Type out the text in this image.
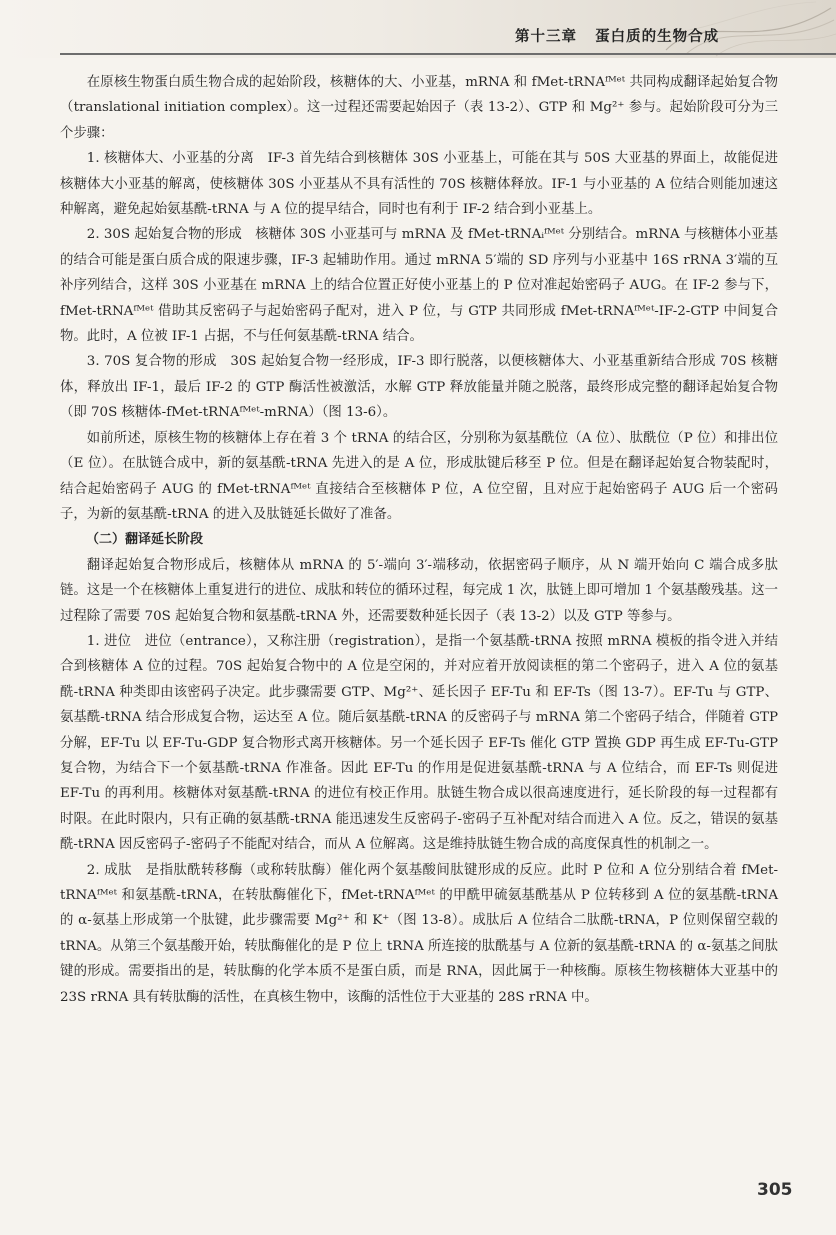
第十三章 蛋白质的生物合成

在原核生物蛋白质生物合成的起始阶段，核糖体的大、小亚基，mRNA 和 fMet-tRNAᶠᴹᵉᵗ 共同构成翻译起始复合物（translational initiation complex）。这一过程还需要起始因子（表 13-2）、GTP 和 Mg²⁺ 参与。起始阶段可分为三个步骤：

1. 核糖体大、小亚基的分离　IF-3 首先结合到核糖体 30S 小亚基上，可能在其与 50S 大亚基的界面上，故能促进核糖体大小亚基的解离，使核糖体 30S 小亚基从不具有活性的 70S 核糖体释放。IF-1 与小亚基的 A 位结合则能加速这种解离，避免起始氨基酰-tRNA 与 A 位的提早结合，同时也有利于 IF-2 结合到小亚基上。

2. 30S 起始复合物的形成　核糖体 30S 小亚基可与 mRNA 及 fMet-tRNAᵢᶠᴹᵉᵗ 分别结合。mRNA 与核糖体小亚基的结合可能是蛋白质合成的限速步骤，IF-3 起辅助作用。通过 mRNA 5′端的 SD 序列与小亚基中 16S rRNA 3′端的互补序列结合，这样 30S 小亚基在 mRNA 上的结合位置正好使小亚基上的 P 位对准起始密码子 AUG。在 IF-2 参与下，fMet-tRNAᶠᴹᵉᵗ 借助其反密码子与起始密码子配对，进入 P 位，与 GTP 共同形成 fMet-tRNAᶠᴹᵉᵗ-IF-2-GTP 中间复合物。此时，A 位被 IF-1 占据，不与任何氨基酰-tRNA 结合。

3. 70S 复合物的形成　30S 起始复合物一经形成，IF-3 即行脱落，以便核糖体大、小亚基重新结合形成 70S 核糖体，释放出 IF-1，最后 IF-2 的 GTP 酶活性被激活，水解 GTP 释放能量并随之脱落，最终形成完整的翻译起始复合物（即 70S 核糖体-fMet-tRNAᶠᴹᵉᵗ-mRNA）（图 13-6）。

如前所述，原核生物的核糖体上存在着 3 个 tRNA 的结合区，分别称为氨基酰位（A 位）、肽酰位（P 位）和排出位（E 位）。在肽链合成中，新的氨基酰-tRNA 先进入的是 A 位，形成肽键后移至 P 位。但是在翻译起始复合物装配时，结合起始密码子 AUG 的 fMet-tRNAᶠᴹᵉᵗ 直接结合至核糖体 P 位，A 位空留，且对应于起始密码子 AUG 后一个密码子，为新的氨基酰-tRNA 的进入及肽链延长做好了准备。

（二）翻译延长阶段

翻译起始复合物形成后，核糖体从 mRNA 的 5′-端向 3′-端移动，依据密码子顺序，从 N 端开始向 C 端合成多肽链。这是一个在核糖体上重复进行的进位、成肽和转位的循环过程，每完成 1 次，肽链上即可增加 1 个氨基酸残基。这一过程除了需要 70S 起始复合物和氨基酰-tRNA 外，还需要数种延长因子（表 13-2）以及 GTP 等参与。

1. 进位　进位（entrance），又称注册（registration），是指一个氨基酰-tRNA 按照 mRNA 模板的指令进入并结合到核糖体 A 位的过程。70S 起始复合物中的 A 位是空闲的，并对应着开放阅读框的第二个密码子，进入 A 位的氨基酰-tRNA 种类即由该密码子决定。此步骤需要 GTP、Mg²⁺、延长因子 EF-Tu 和 EF-Ts（图 13-7）。EF-Tu 与 GTP、氨基酰-tRNA 结合形成复合物，运达至 A 位。随后氨基酰-tRNA 的反密码子与 mRNA 第二个密码子结合，伴随着 GTP 分解，EF-Tu 以 EF-Tu-GDP 复合物形式离开核糖体。另一个延长因子 EF-Ts 催化 GTP 置换 GDP 再生成 EF-Tu-GTP 复合物，为结合下一个氨基酰-tRNA 作准备。因此 EF-Tu 的作用是促进氨基酰-tRNA 与 A 位结合，而 EF-Ts 则促进 EF-Tu 的再利用。核糖体对氨基酰-tRNA 的进位有校正作用。肽链生物合成以很高速度进行，延长阶段的每一过程都有时限。在此时限内，只有正确的氨基酰-tRNA 能迅速发生反密码子-密码子互补配对结合而进入 A 位。反之，错误的氨基酰-tRNA 因反密码子-密码子不能配对结合，而从 A 位解离。这是维持肽链生物合成的高度保真性的机制之一。

2. 成肽　是指肽酰转移酶（或称转肽酶）催化两个氨基酸间肽键形成的反应。此时 P 位和 A 位分别结合着 fMet-tRNAᶠᴹᵉᵗ 和氨基酰-tRNA，在转肽酶催化下，fMet-tRNAᶠᴹᵉᵗ 的甲酰甲硫氨基酰基从 P 位转移到 A 位的氨基酰-tRNA 的 α-氨基上形成第一个肽键，此步骤需要 Mg²⁺ 和 K⁺（图 13-8）。成肽后 A 位结合二肽酰-tRNA，P 位则保留空载的 tRNA。从第三个氨基酸开始，转肽酶催化的是 P 位上 tRNA 所连接的肽酰基与 A 位新的氨基酰-tRNA 的 α-氨基之间肽键的形成。需要指出的是，转肽酶的化学本质不是蛋白质，而是 RNA，因此属于一种核酶。原核生物核糖体大亚基中的 23S rRNA 具有转肽酶的活性，在真核生物中，该酶的活性位于大亚基的 28S rRNA 中。

305
